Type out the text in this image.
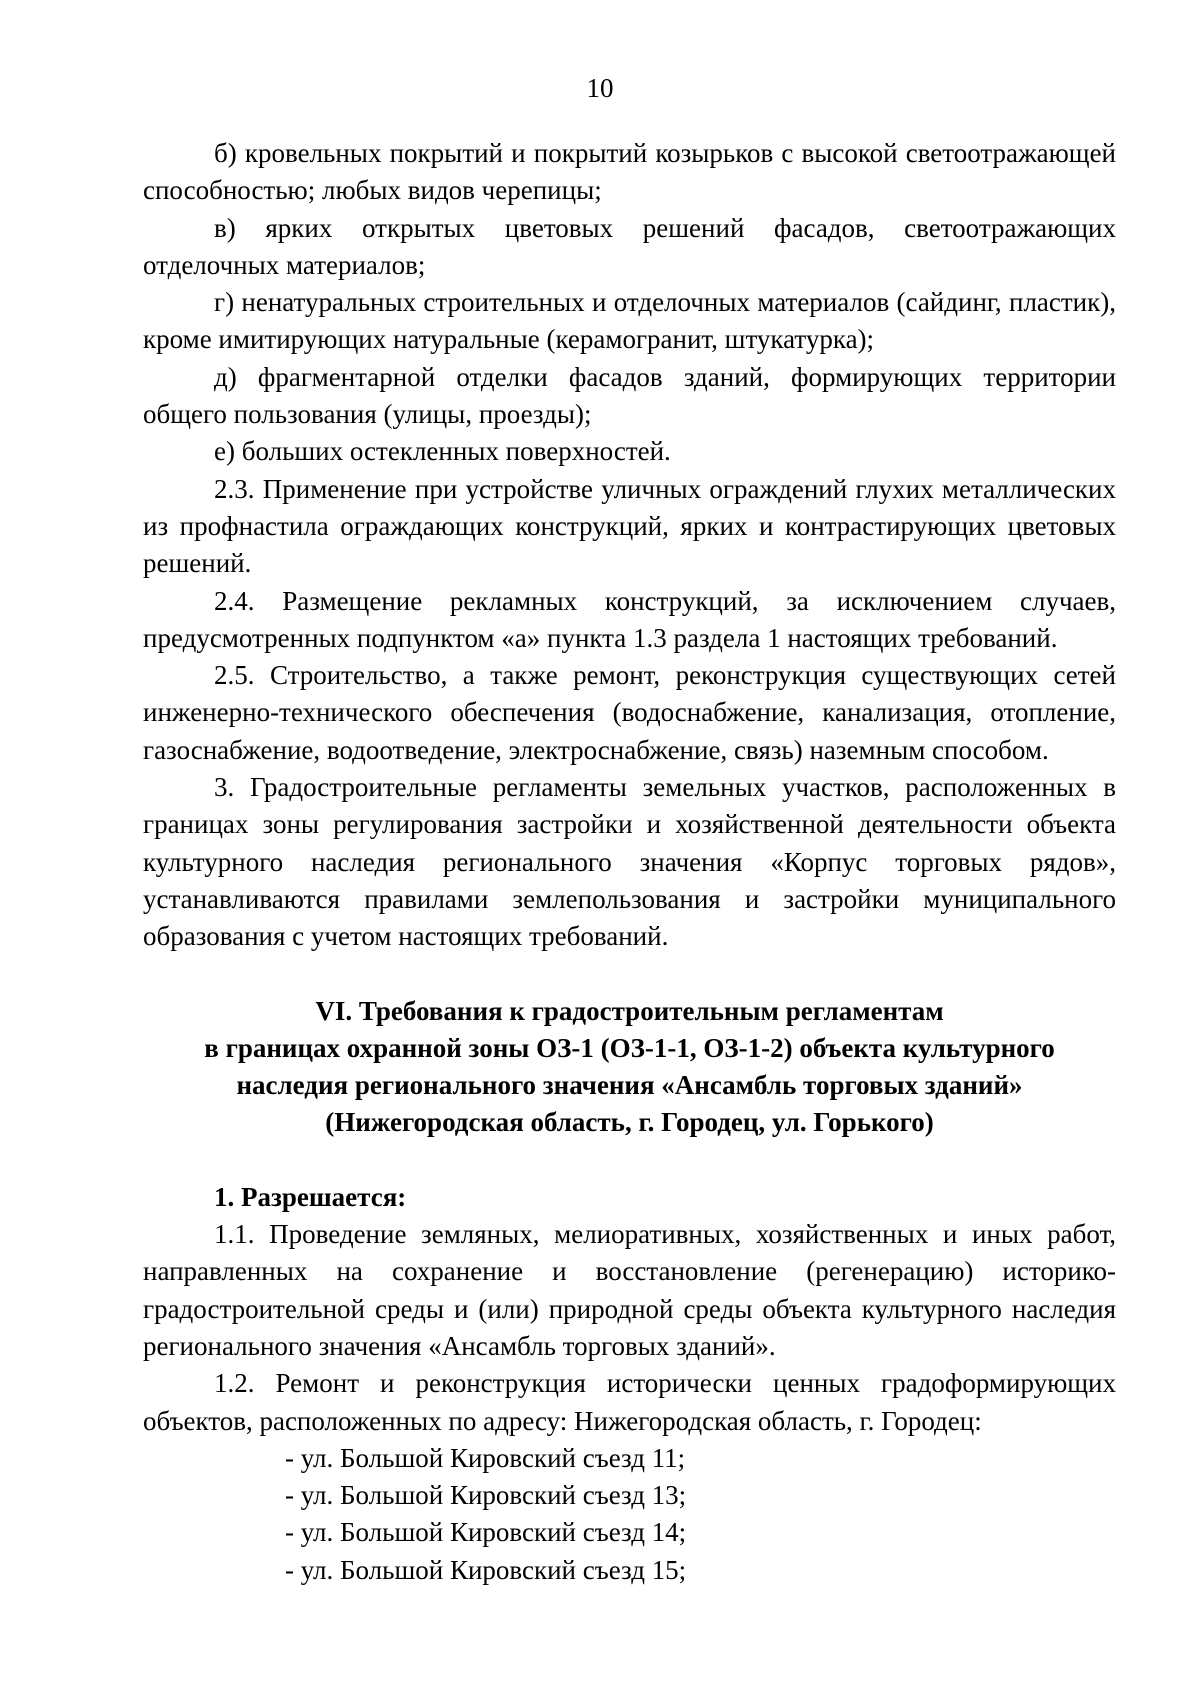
10

б) кровельных покрытий и покрытий козырьков с высокой светоотражающей способностью; любых видов черепицы;

в) ярких открытых цветовых решений фасадов, светоотражающих отделочных материалов;

г) ненатуральных строительных и отделочных материалов (сайдинг, пластик), кроме имитирующих натуральные (керамогранит, штукатурка);

д) фрагментарной отделки фасадов зданий, формирующих территории общего пользования (улицы, проезды);

е) больших остекленных поверхностей.

2.3. Применение при устройстве уличных ограждений глухих металлических из профнастила ограждающих конструкций, ярких и контрастирующих цветовых решений.

2.4. Размещение рекламных конструкций, за исключением случаев, предусмотренных подпунктом «а» пункта 1.3 раздела 1 настоящих требований.

2.5. Строительство, а также ремонт, реконструкция существующих сетей инженерно-технического обеспечения (водоснабжение, канализация, отопление, газоснабжение, водоотведение, электроснабжение, связь) наземным способом.

3. Градостроительные регламенты земельных участков, расположенных в границах зоны регулирования застройки и хозяйственной деятельности объекта культурного наследия регионального значения «Корпус торговых рядов», устанавливаются правилами землепользования и застройки муниципального образования с учетом настоящих требований.

VI. Требования к градостроительным регламентам
в границах охранной зоны ОЗ-1 (ОЗ-1-1, ОЗ-1-2) объекта культурного
наследия регионального значения «Ансамбль торговых зданий»
(Нижегородская область, г. Городец, ул. Горького)

1. Разрешается:

1.1. Проведение земляных, мелиоративных, хозяйственных и иных работ, направленных на сохранение и восстановление (регенерацию) историко-градостроительной среды и (или) природной среды объекта культурного наследия регионального значения «Ансамбль торговых зданий».

1.2. Ремонт и реконструкция исторически ценных градоформирующих объектов, расположенных по адресу: Нижегородская область, г. Городец:

- ул. Большой Кировский съезд 11;

- ул. Большой Кировский съезд 13;

- ул. Большой Кировский съезд 14;

- ул. Большой Кировский съезд 15;
